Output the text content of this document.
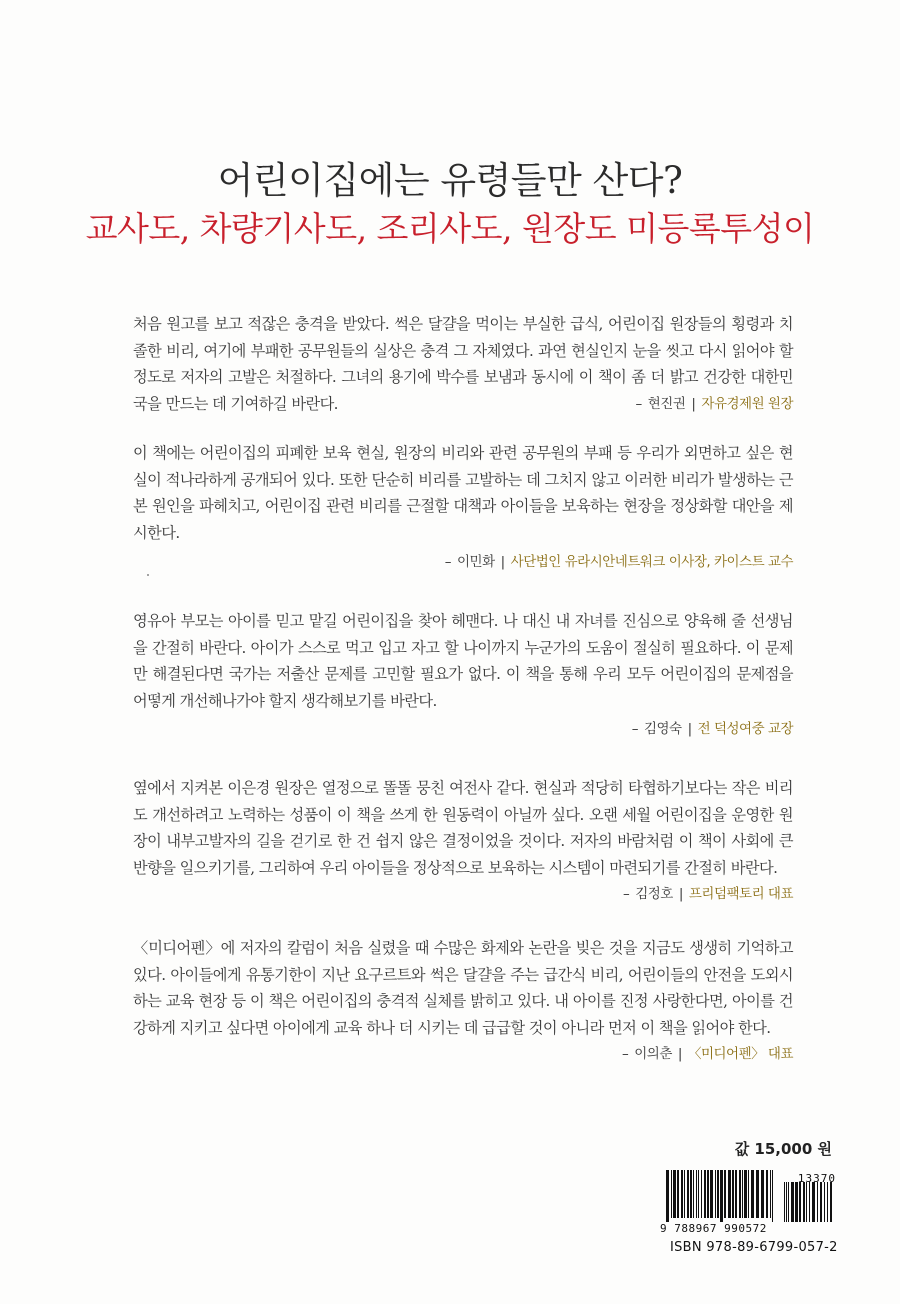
어린이집에는 유령들만 산다?
교사도, 차량기사도, 조리사도, 원장도 미등록투성이

처음 원고를 보고 적잖은 충격을 받았다. 썩은 달걀을 먹이는 부실한 급식, 어린이집 원장들의 횡령과 치졸한 비리, 여기에 부패한 공무원들의 실상은 충격 그 자체였다. 과연 현실인지 눈을 씻고 다시 읽어야 할 정도로 저자의 고발은 처절하다. 그녀의 용기에 박수를 보냄과 동시에 이 책이 좀 더 밝고 건강한 대한민국을 만드는 데 기여하길 바란다.	– 현진권 | 자유경제원 원장

이 책에는 어린이집의 피폐한 보육 현실, 원장의 비리와 관련 공무원의 부패 등 우리가 외면하고 싶은 현실이 적나라하게 공개되어 있다. 또한 단순히 비리를 고발하는 데 그치지 않고 이러한 비리가 발생하는 근본 원인을 파헤치고, 어린이집 관련 비리를 근절할 대책과 아이들을 보육하는 현장을 정상화할 대안을 제시한다.

– 이민화 | 사단법인 유라시안네트워크 이사장, 카이스트 교수

영유아 부모는 아이를 믿고 맡길 어린이집을 찾아 헤맨다. 나 대신 내 자녀를 진심으로 양육해 줄 선생님을 간절히 바란다. 아이가 스스로 먹고 입고 자고 할 나이까지 누군가의 도움이 절실히 필요하다. 이 문제만 해결된다면 국가는 저출산 문제를 고민할 필요가 없다. 이 책을 통해 우리 모두 어린이집의 문제점을 어떻게 개선해나가야 할지 생각해보기를 바란다.

– 김영숙 | 전 덕성여중 교장

옆에서 지켜본 이은경 원장은 열정으로 똘똘 뭉친 여전사 같다. 현실과 적당히 타협하기보다는 작은 비리도 개선하려고 노력하는 성품이 이 책을 쓰게 한 원동력이 아닐까 싶다. 오랜 세월 어린이집을 운영한 원장이 내부고발자의 길을 걷기로 한 건 쉽지 않은 결정이었을 것이다. 저자의 바람처럼 이 책이 사회에 큰 반향을 일으키기를, 그리하여 우리 아이들을 정상적으로 보육하는 시스템이 마련되기를 간절히 바란다.
– 김정호 | 프리덤팩토리 대표

〈미디어펜〉에 저자의 칼럼이 처음 실렸을 때 수많은 화제와 논란을 빚은 것을 지금도 생생히 기억하고 있다. 아이들에게 유통기한이 지난 요구르트와 썩은 달걀을 주는 급간식 비리, 어린이들의 안전을 도외시하는 교육 현장 등 이 책은 어린이집의 충격적 실체를 밝히고 있다. 내 아이를 진정 사랑한다면, 아이를 건강하게 지키고 싶다면 아이에게 교육 하나 더 시키는 데 급급할 것이 아니라 먼저 이 책을 읽어야 한다.
– 이의춘 | 〈미디어펜〉 대표

값 15,000 원
13370
9 788967 990572
ISBN 978-89-6799-057-2
